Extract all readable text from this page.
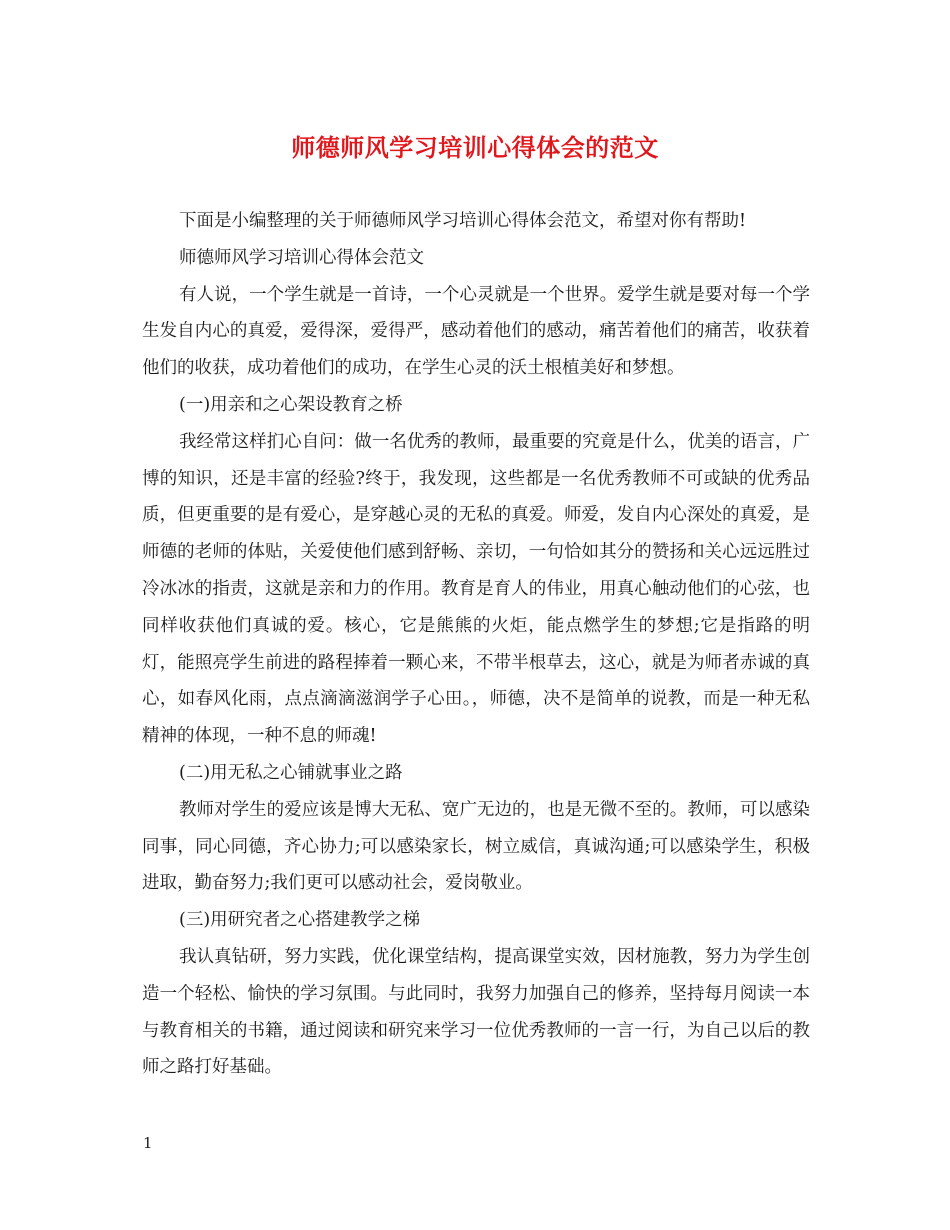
师德师风学习培训心得体会的范文

下面是小编整理的关于师德师风学习培训心得体会范文，希望对你有帮助!

师德师风学习培训心得体会范文

有人说，一个学生就是一首诗，一个心灵就是一个世界。爱学生就是要对每一个学生发自内心的真爱，爱得深，爱得严，感动着他们的感动，痛苦着他们的痛苦，收获着他们的收获，成功着他们的成功，在学生心灵的沃土根植美好和梦想。

(一)用亲和之心架设教育之桥

我经常这样扪心自问：做一名优秀的教师，最重要的究竟是什么，优美的语言，广博的知识，还是丰富的经验?终于，我发现，这些都是一名优秀教师不可或缺的优秀品质，但更重要的是有爱心，是穿越心灵的无私的真爱。师爱，发自内心深处的真爱，是师德的老师的体贴，关爱使他们感到舒畅、亲切，一句恰如其分的赞扬和关心远远胜过冷冰冰的指责，这就是亲和力的作用。教育是育人的伟业，用真心触动他们的心弦，也同样收获他们真诚的爱。核心，它是熊熊的火炬，能点燃学生的梦想;它是指路的明灯，能照亮学生前进的路程捧着一颗心来，不带半根草去，这心，就是为师者赤诚的真心，如春风化雨，点点滴滴滋润学子心田。，师德，决不是简单的说教，而是一种无私精神的体现，一种不息的师魂!

(二)用无私之心铺就事业之路

教师对学生的爱应该是博大无私、宽广无边的，也是无微不至的。教师，可以感染同事，同心同德，齐心协力;可以感染家长，树立威信，真诚沟通;可以感染学生，积极进取，勤奋努力;我们更可以感动社会，爱岗敬业。

(三)用研究者之心搭建教学之梯

我认真钻研，努力实践，优化课堂结构，提高课堂实效，因材施教，努力为学生创造一个轻松、愉快的学习氛围。与此同时，我努力加强自己的修养，坚持每月阅读一本与教育相关的书籍，通过阅读和研究来学习一位优秀教师的一言一行，为自己以后的教师之路打好基础。

1
